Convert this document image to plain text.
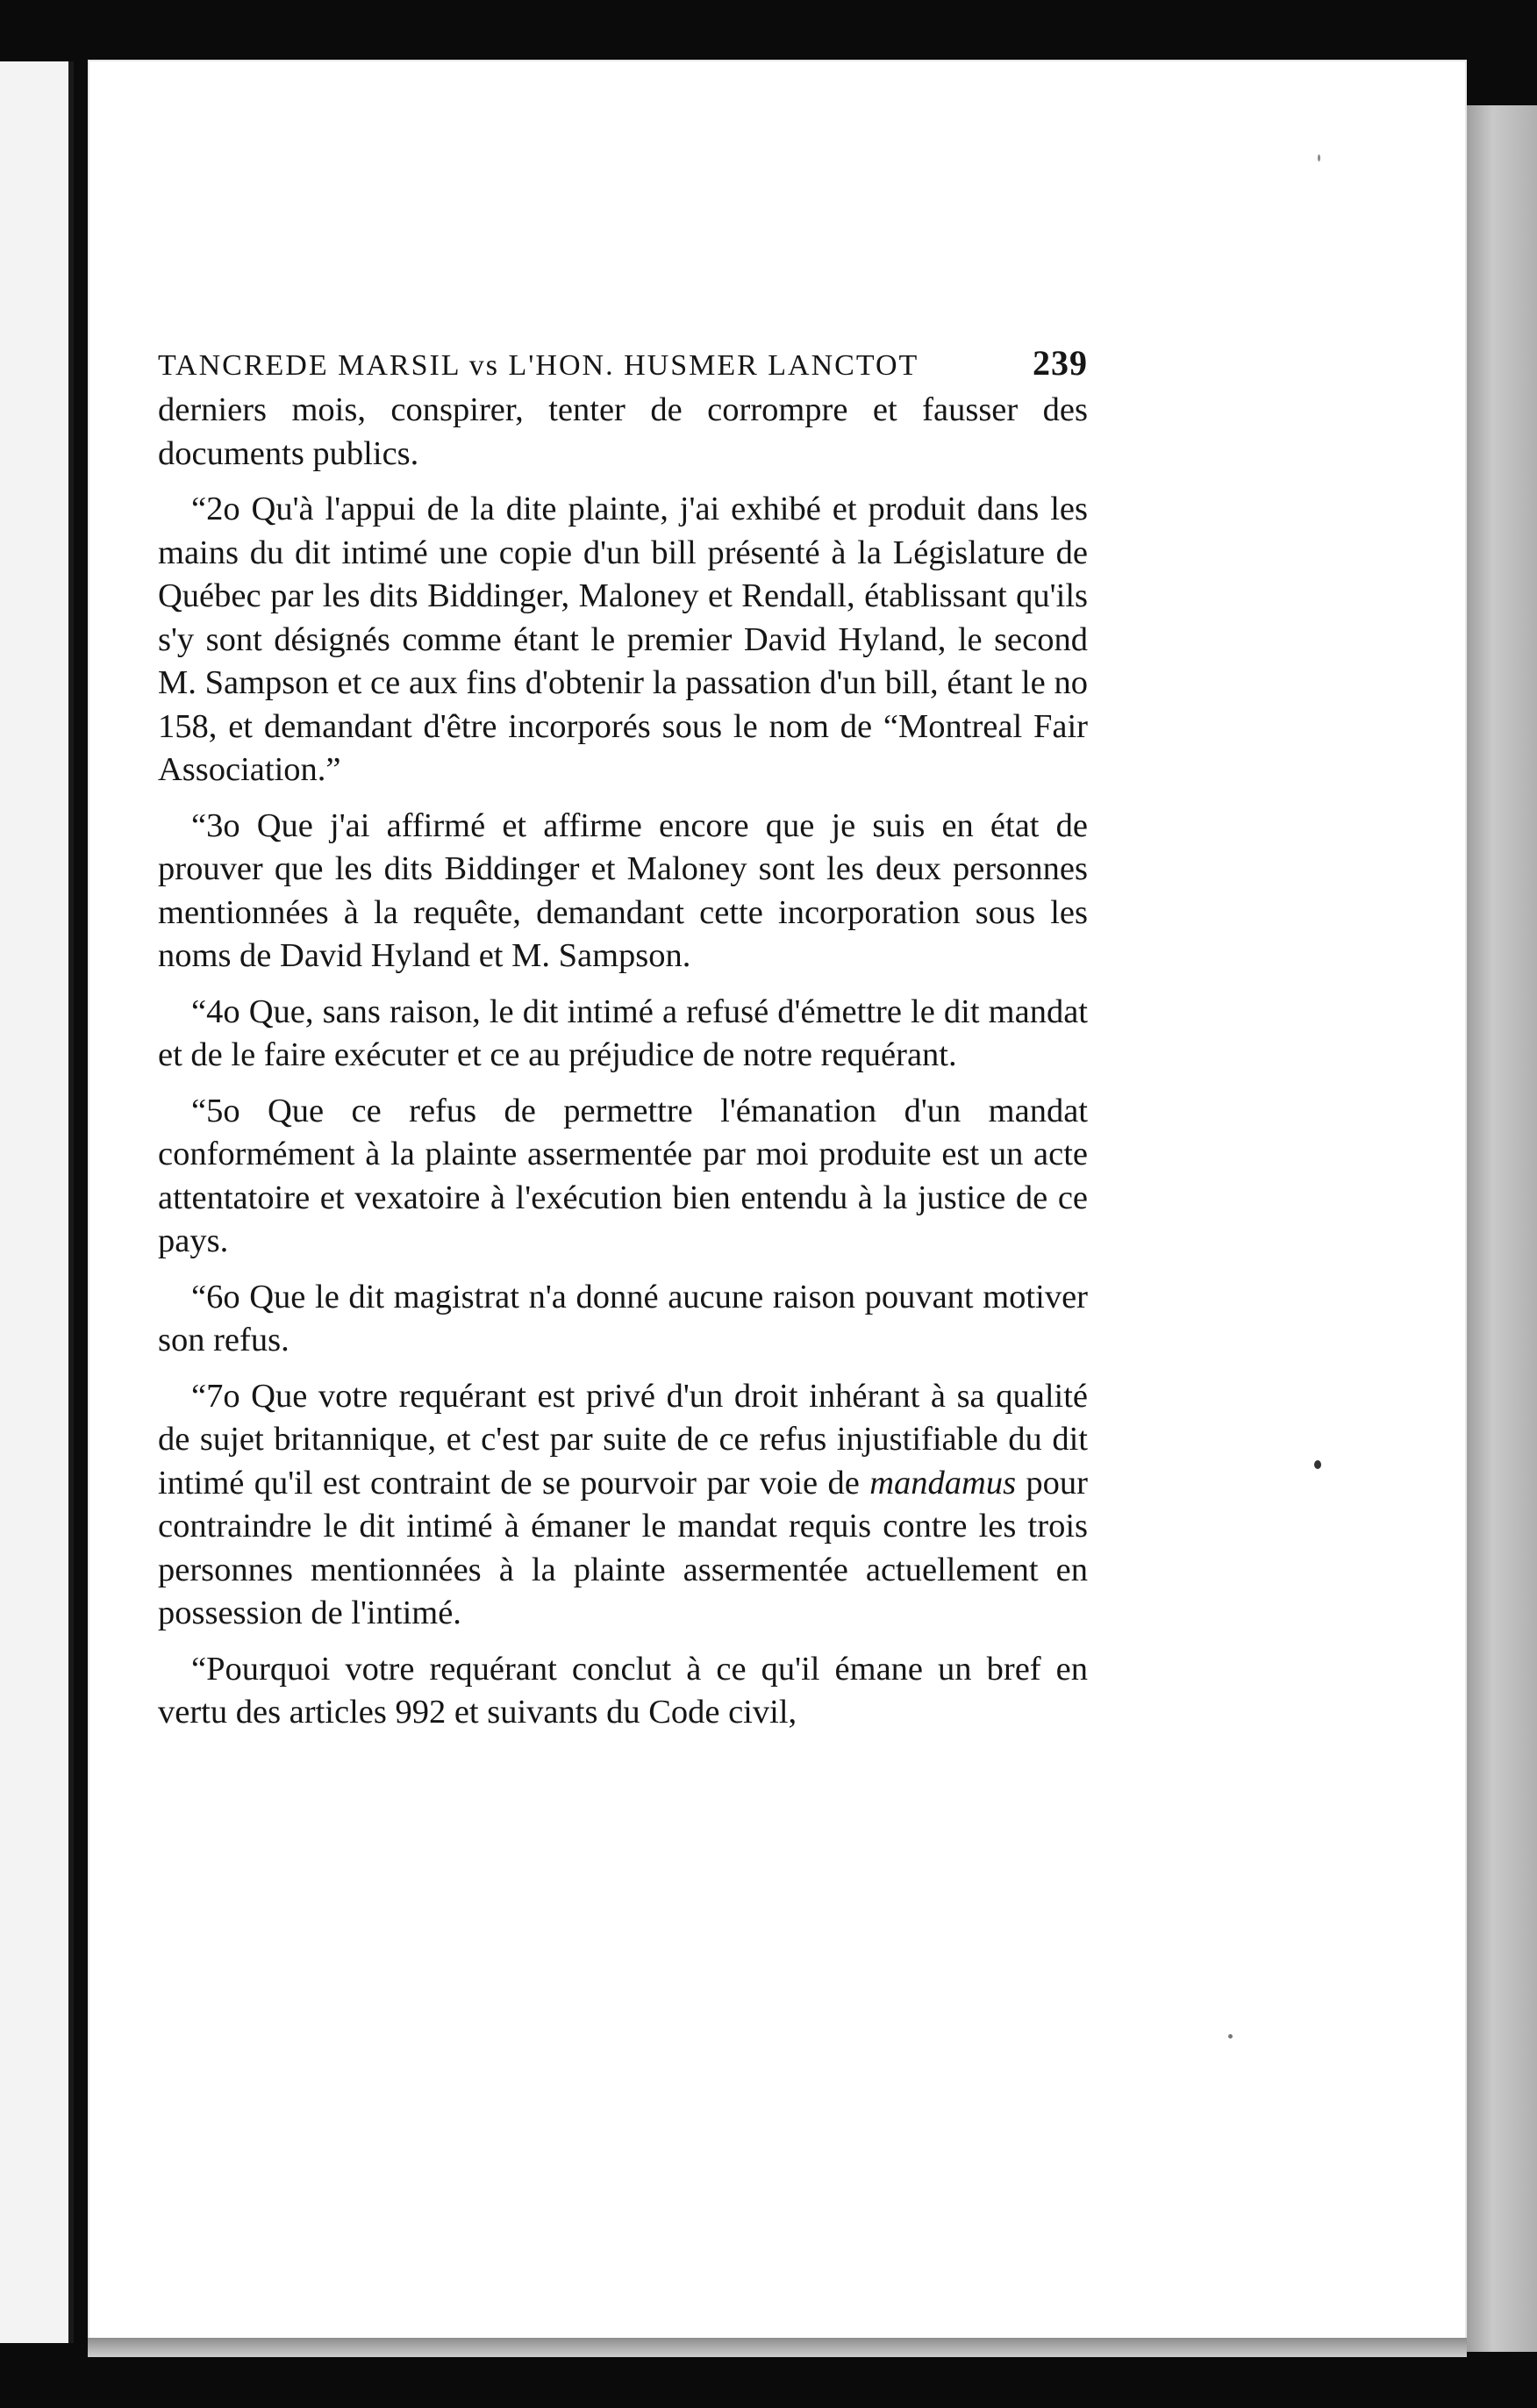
TANCREDE MARSIL vs L'HON. HUSMER LANCTOT	239

derniers mois, conspirer, tenter de corrompre et fausser des documents publics.

“2o Qu'à l'appui de la dite plainte, j'ai exhibé et produit dans les mains du dit intimé une copie d'un bill présenté à la Législature de Québec par les dits Biddinger, Maloney et Rendall, établissant qu'ils s'y sont désignés comme étant le premier David Hyland, le second M. Sampson et ce aux fins d'obtenir la passation d'un bill, étant le no 158, et demandant d'être incorporés sous le nom de “Montreal Fair Association.”

“3o Que j'ai affirmé et affirme encore que je suis en état de prouver que les dits Biddinger et Maloney sont les deux personnes mentionnées à la requête, demandant cette incorporation sous les noms de David Hyland et M. Sampson.

“4o Que, sans raison, le dit intimé a refusé d'émettre le dit mandat et de le faire exécuter et ce au préjudice de notre requérant.

“5o Que ce refus de permettre l'émanation d'un mandat conformément à la plainte assermentée par moi produite est un acte attentatoire et vexatoire à l'exécution bien entendu à la justice de ce pays.

“6o Que le dit magistrat n'a donné aucune raison pouvant motiver son refus.

“7o Que votre requérant est privé d'un droit inhérant à sa qualité de sujet britannique, et c'est par suite de ce refus injustifiable du dit intimé qu'il est contraint de se pourvoir par voie de mandamus pour contraindre le dit intimé à émaner le mandat requis contre les trois personnes mentionnées à la plainte assermentée actuellement en possession de l'intimé.

“Pourquoi votre requérant conclut à ce qu'il émane un bref en vertu des articles 992 et suivants du Code civil,
